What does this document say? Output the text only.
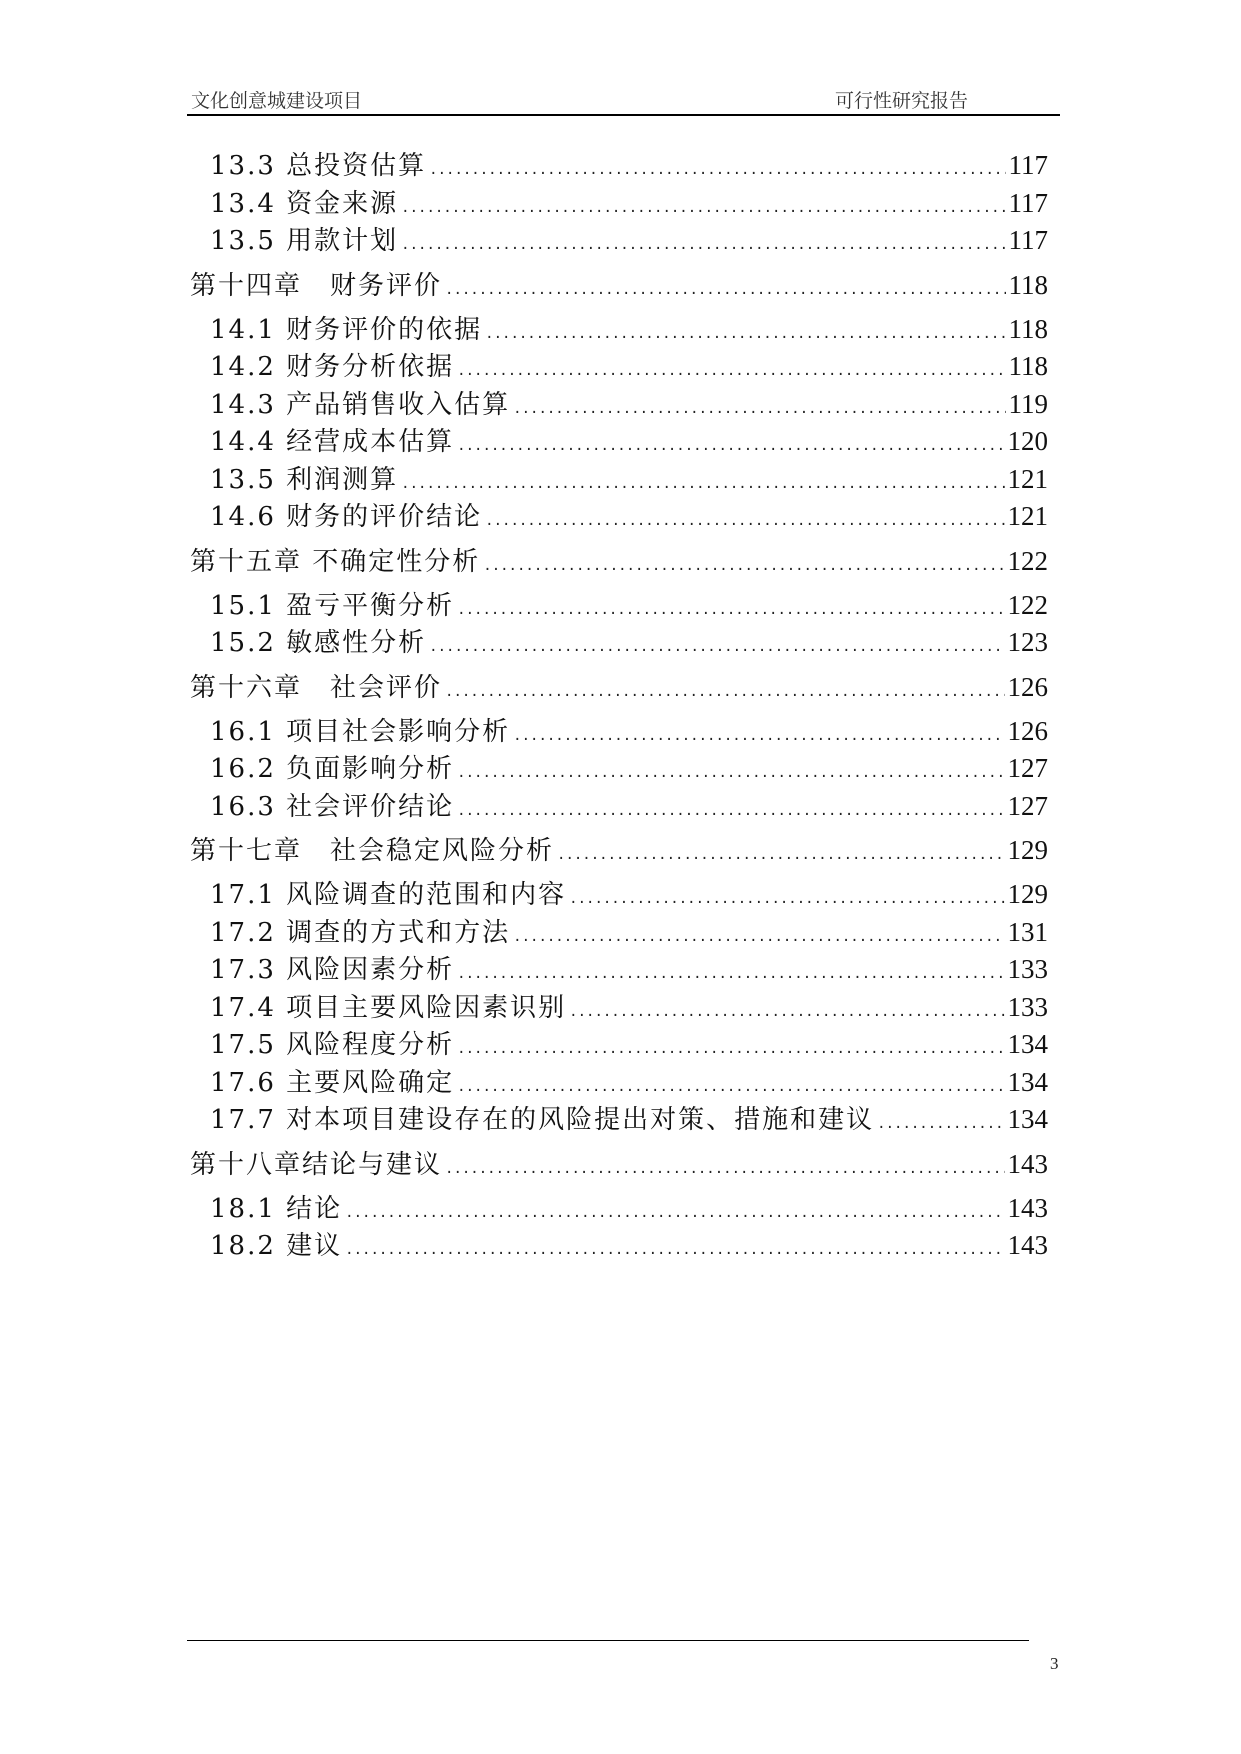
文化创意城建设项目	可行性研究报告
13.3 总投资估算 .....	117
13.4 资金来源 .....	117
13.5 用款计划 .....	117
第十四章　财务评价 .....	118
14.1 财务评价的依据 .....	118
14.2 财务分析依据 .....	118
14.3 产品销售收入估算 .....	119
14.4 经营成本估算 .....	120
13.5 利润测算 .....	121
14.6 财务的评价结论 .....	121
第十五章 不确定性分析 .....	122
15.1 盈亏平衡分析 .....	122
15.2 敏感性分析 .....	123
第十六章　社会评价 .....	126
16.1 项目社会影响分析 .....	126
16.2 负面影响分析 .....	127
16.3 社会评价结论 .....	127
第十七章　社会稳定风险分析 .....	129
17.1 风险调查的范围和内容 .....	129
17.2 调查的方式和方法 .....	131
17.3 风险因素分析 .....	133
17.4 项目主要风险因素识别 .....	133
17.5 风险程度分析 .....	134
17.6 主要风险确定 .....	134
17.7 对本项目建设存在的风险提出对策、措施和建议 .....	134
第十八章结论与建议 .....	143
18.1 结论 .....	143
18.2 建议 .....	143
3
